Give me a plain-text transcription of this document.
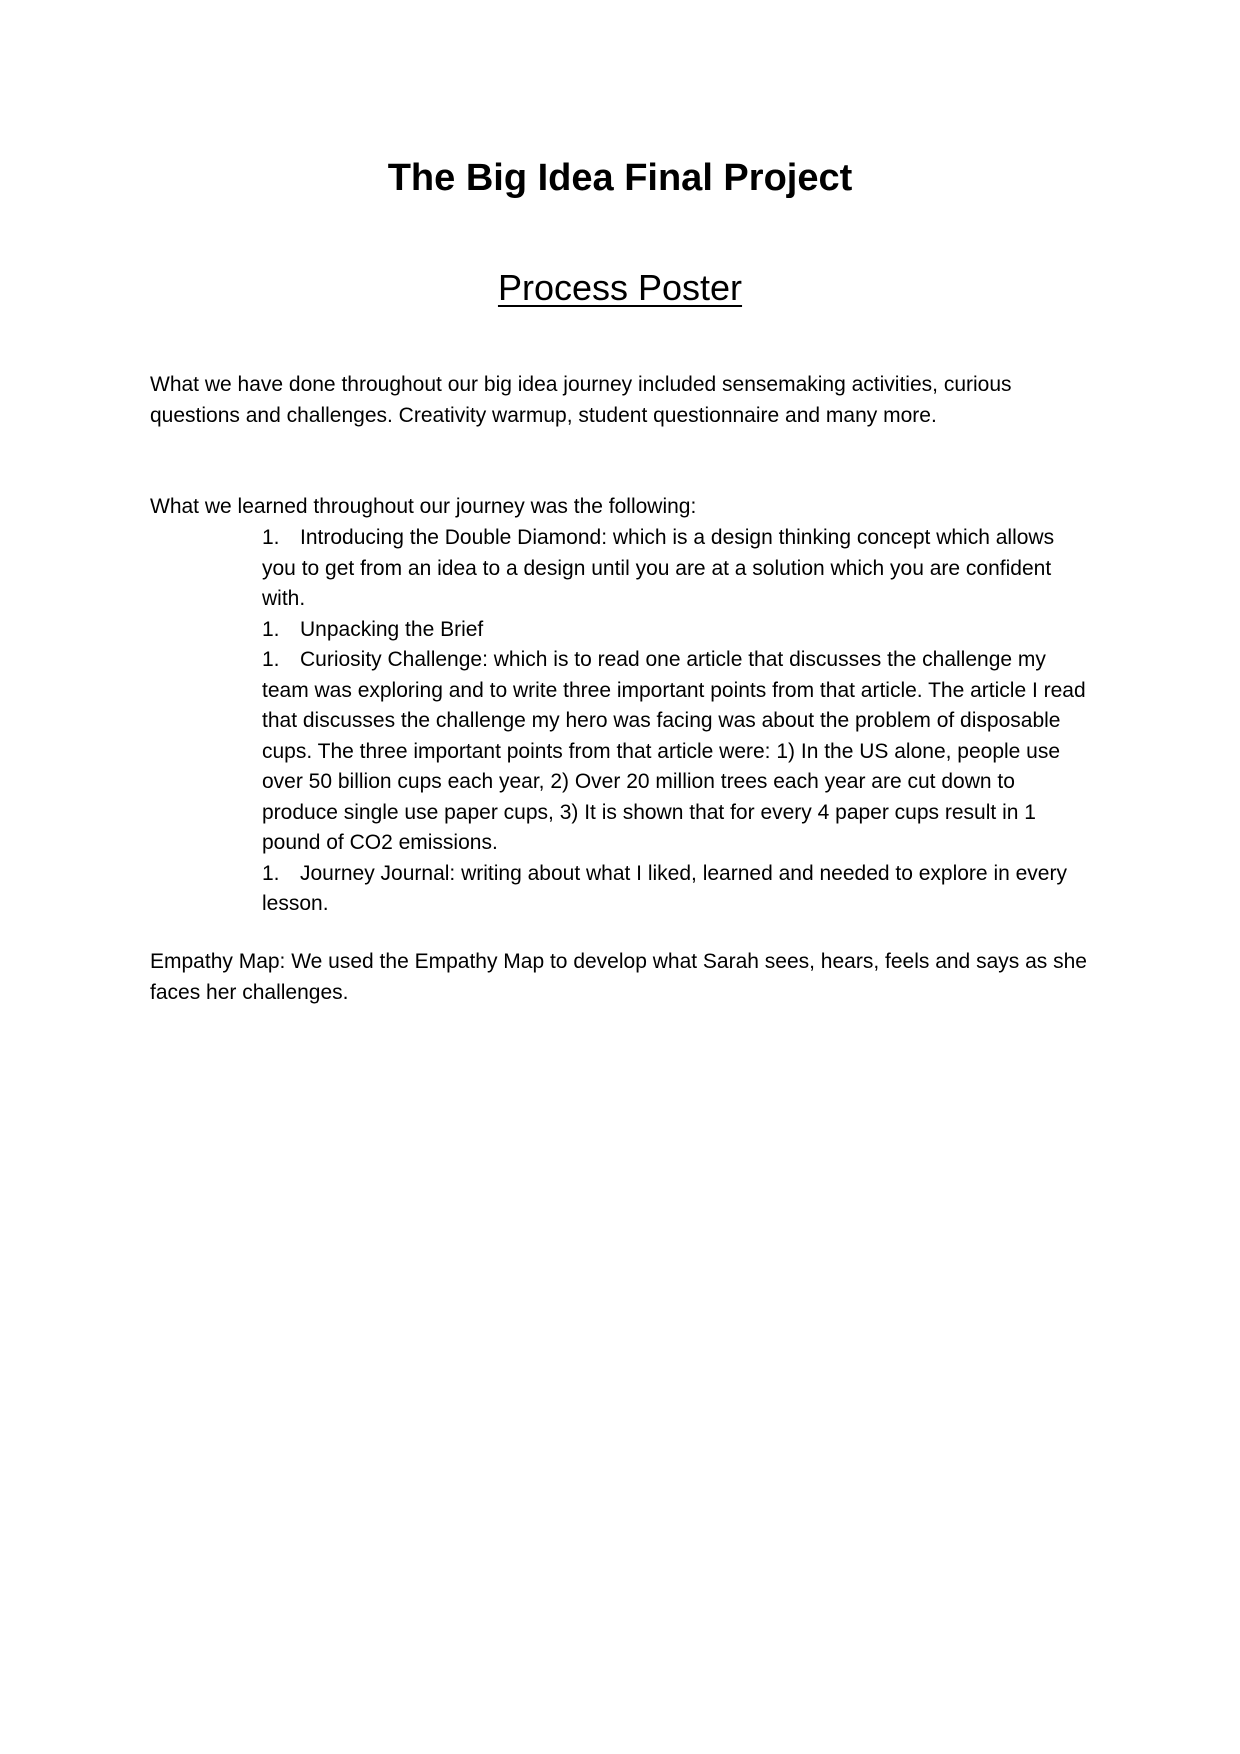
The Big Idea Final Project
Process Poster

What we have done throughout our big idea journey included sensemaking activities, curious questions and challenges. Creativity warmup, student questionnaire and many more.

What we learned throughout our journey was the following:

1. Introducing the Double Diamond: which is a design thinking concept which allows you to get from an idea to a design until you are at a solution which you are confident with.
1. Unpacking the Brief
1. Curiosity Challenge: which is to read one article that discusses the challenge my team was exploring and to write three important points from that article. The article I read that discusses the challenge my hero was facing was about the problem of disposable cups. The three important points from that article were: 1) In the US alone, people use over 50 billion cups each year, 2) Over 20 million trees each year are cut down to produce single use paper cups, 3) It is shown that for every 4 paper cups result in 1 pound of CO2 emissions.
1. Journey Journal: writing about what I liked, learned and needed to explore in every lesson.

Empathy Map: We used the Empathy Map to develop what Sarah sees, hears, feels and says as she faces her challenges.
